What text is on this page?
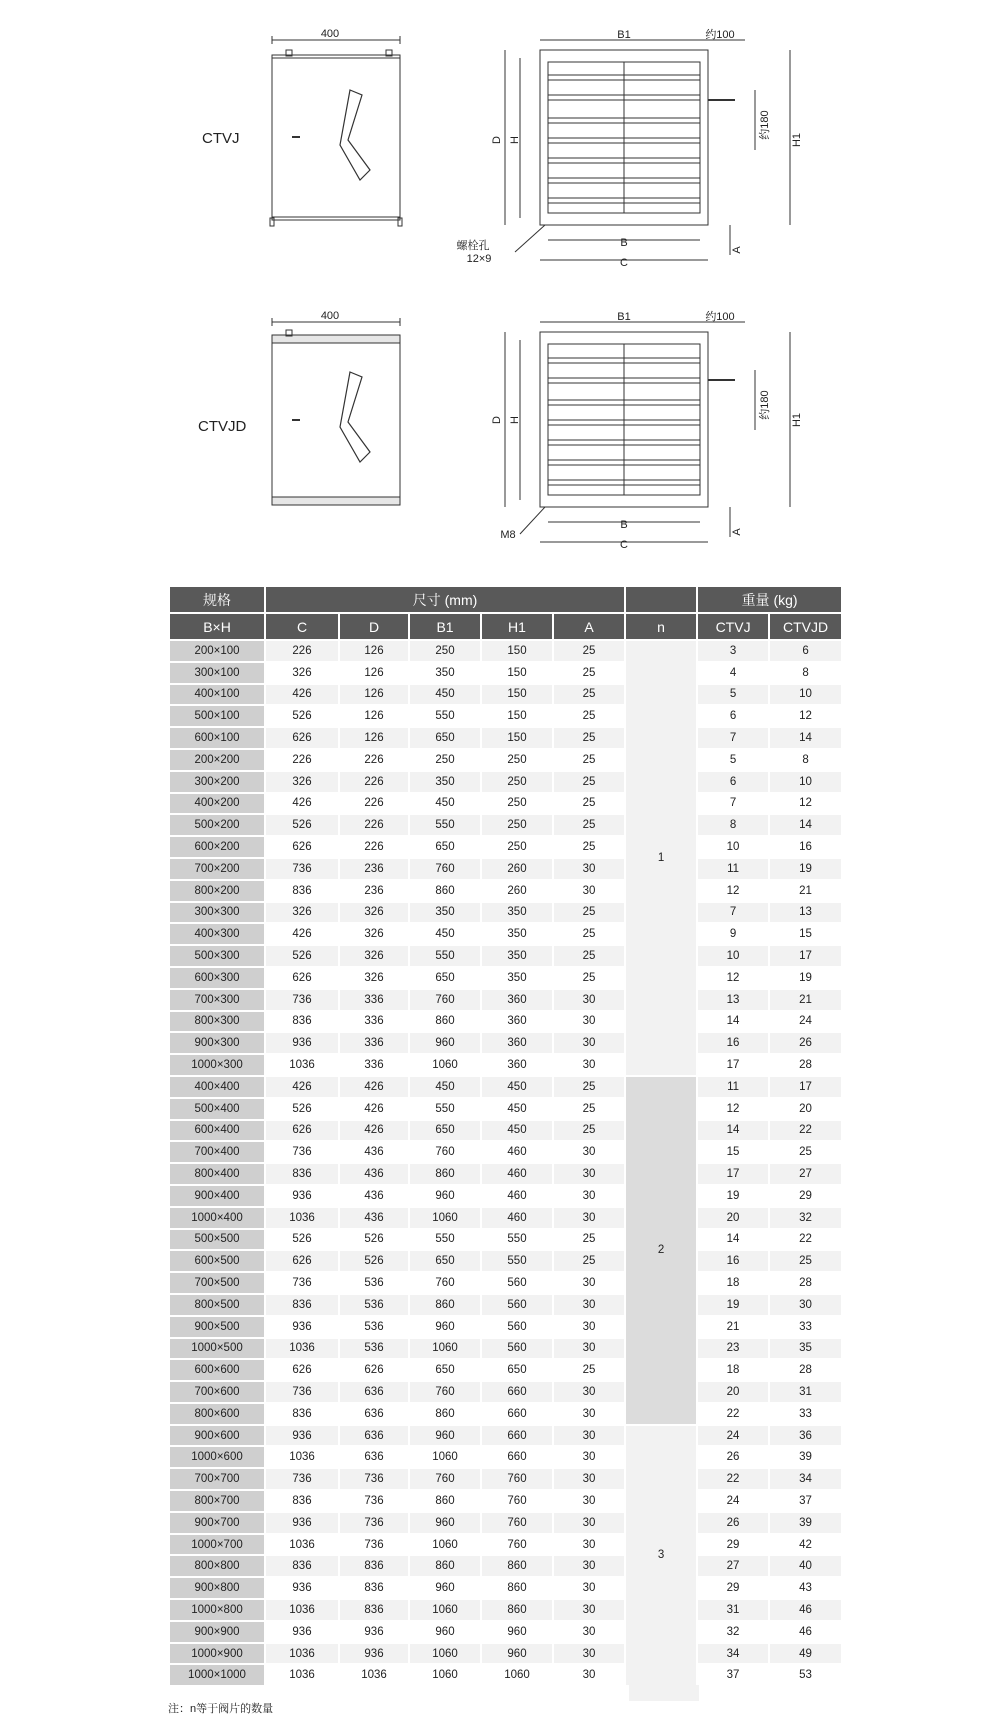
CTVJ
400	B1	约100
约180
H1
D H
B
C
A
螺栓孔
12×9
CTVJD
400	B1	约100
约180
H1
D H
B
C
A
M8
规格	尺寸 (mm)						重量 (kg)	
B×H	C	D	B1	H1	A	n	CTVJ	CTVJD
200×100	226	126	250	150	25	1	3	6
300×100	326	126	350	150	25		4	8
400×100	426	126	450	150	25		5	10
500×100	526	126	550	150	25		6	12
600×100	626	126	650	150	25		7	14
200×200	226	226	250	250	25		5	8
300×200	326	226	350	250	25		6	10
400×200	426	226	450	250	25		7	12
500×200	526	226	550	250	25		8	14
600×200	626	226	650	250	25		10	16
700×200	736	236	760	260	30		11	19
800×200	836	236	860	260	30		12	21
300×300	326	326	350	350	25		7	13
400×300	426	326	450	350	25		9	15
500×300	526	326	550	350	25		10	17
600×300	626	326	650	350	25		12	19
700×300	736	336	760	360	30		13	21
800×300	836	336	860	360	30		14	24
900×300	936	336	960	360	30		16	26
1000×300	1036	336	1060	360	30		17	28
400×400	426	426	450	450	25	2	11	17
500×400	526	426	550	450	25		12	20
600×400	626	426	650	450	25		14	22
700×400	736	436	760	460	30		15	25
800×400	836	436	860	460	30		17	27
900×400	936	436	960	460	30		19	29
1000×400	1036	436	1060	460	30		20	32
500×500	526	526	550	550	25		14	22
600×500	626	526	650	550	25		16	25
700×500	736	536	760	560	30		18	28
800×500	836	536	860	560	30		19	30
900×500	936	536	960	560	30		21	33
1000×500	1036	536	1060	560	30		23	35
600×600	626	626	650	650	25		18	28
700×600	736	636	760	660	30		20	31
800×600	836	636	860	660	30		22	33
900×600	936	636	960	660	30	3	24	36
1000×600	1036	636	1060	660	30		26	39
700×700	736	736	760	760	30		22	34
800×700	836	736	860	760	30		24	37
900×700	936	736	960	760	30		26	39
1000×700	1036	736	1060	760	30		29	42
800×800	836	836	860	860	30		27	40
900×800	936	836	960	860	30		29	43
1000×800	1036	836	1060	860	30		31	46
900×900	936	936	960	960	30		32	46
1000×900	1036	936	1060	960	30		34	49
1000×1000	1036	1036	1060	1060	30		37	53
注：n等于阀片的数量
